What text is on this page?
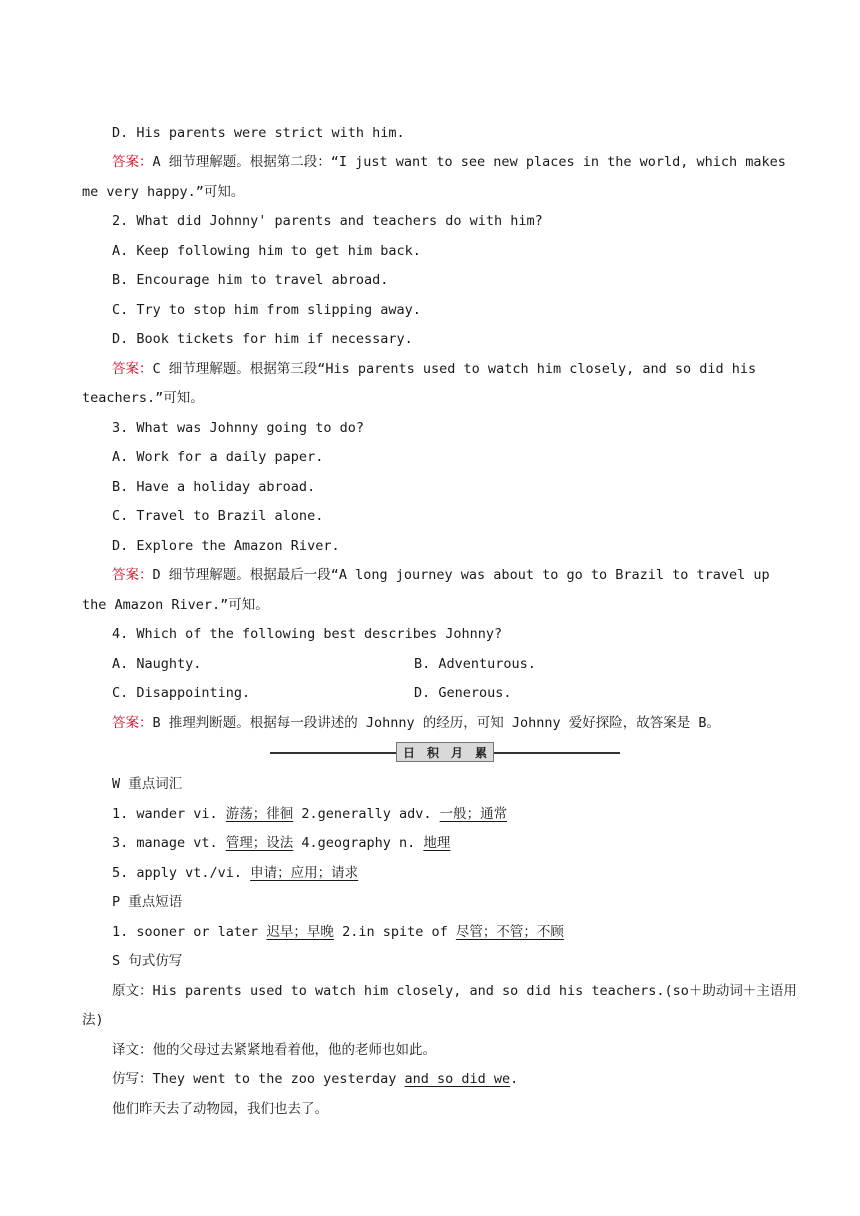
D. His parents were strict with him.
答案：A 细节理解题。根据第二段：“I just want to see new places in the world, which makes
me very happy.”可知。
2. What did Johnny' parents and teachers do with him?
A. Keep following him to get him back.
B. Encourage him to travel abroad.
C. Try to stop him from slipping away.
D. Book tickets for him if necessary.
答案：C 细节理解题。根据第三段“His parents used to watch him closely, and so did his
teachers.”可知。
3. What was Johnny going to do?
A. Work for a daily paper.
B. Have a holiday abroad.
C. Travel to Brazil alone.
D. Explore the Amazon River.
答案：D 细节理解题。根据最后一段“A long journey was about to go to Brazil to travel up
the Amazon River.”可知。
4. Which of the following best describes Johnny?
A. Naughty.	B. Adventurous.
C. Disappointing.	D. Generous.
答案：B 推理判断题。根据每一段讲述的 Johnny 的经历，可知 Johnny 爱好探险，故答案是 B。
日 积 月 累
W 重点词汇
1. wander vi. 游荡；徘徊 2.generally adv. 一般；通常
3. manage vt. 管理；设法 4.geography n. 地理
5. apply vt./vi. 申请；应用；请求
P 重点短语
1. sooner or later 迟早；早晚 2.in spite of 尽管；不管；不顾
S 句式仿写
原文：His parents used to watch him closely, and so did his teachers.(so＋助动词＋主语用
法)
译文：他的父母过去紧紧地看着他，他的老师也如此。
仿写：They went to the zoo yesterday and so did we.
他们昨天去了动物园，我们也去了。
